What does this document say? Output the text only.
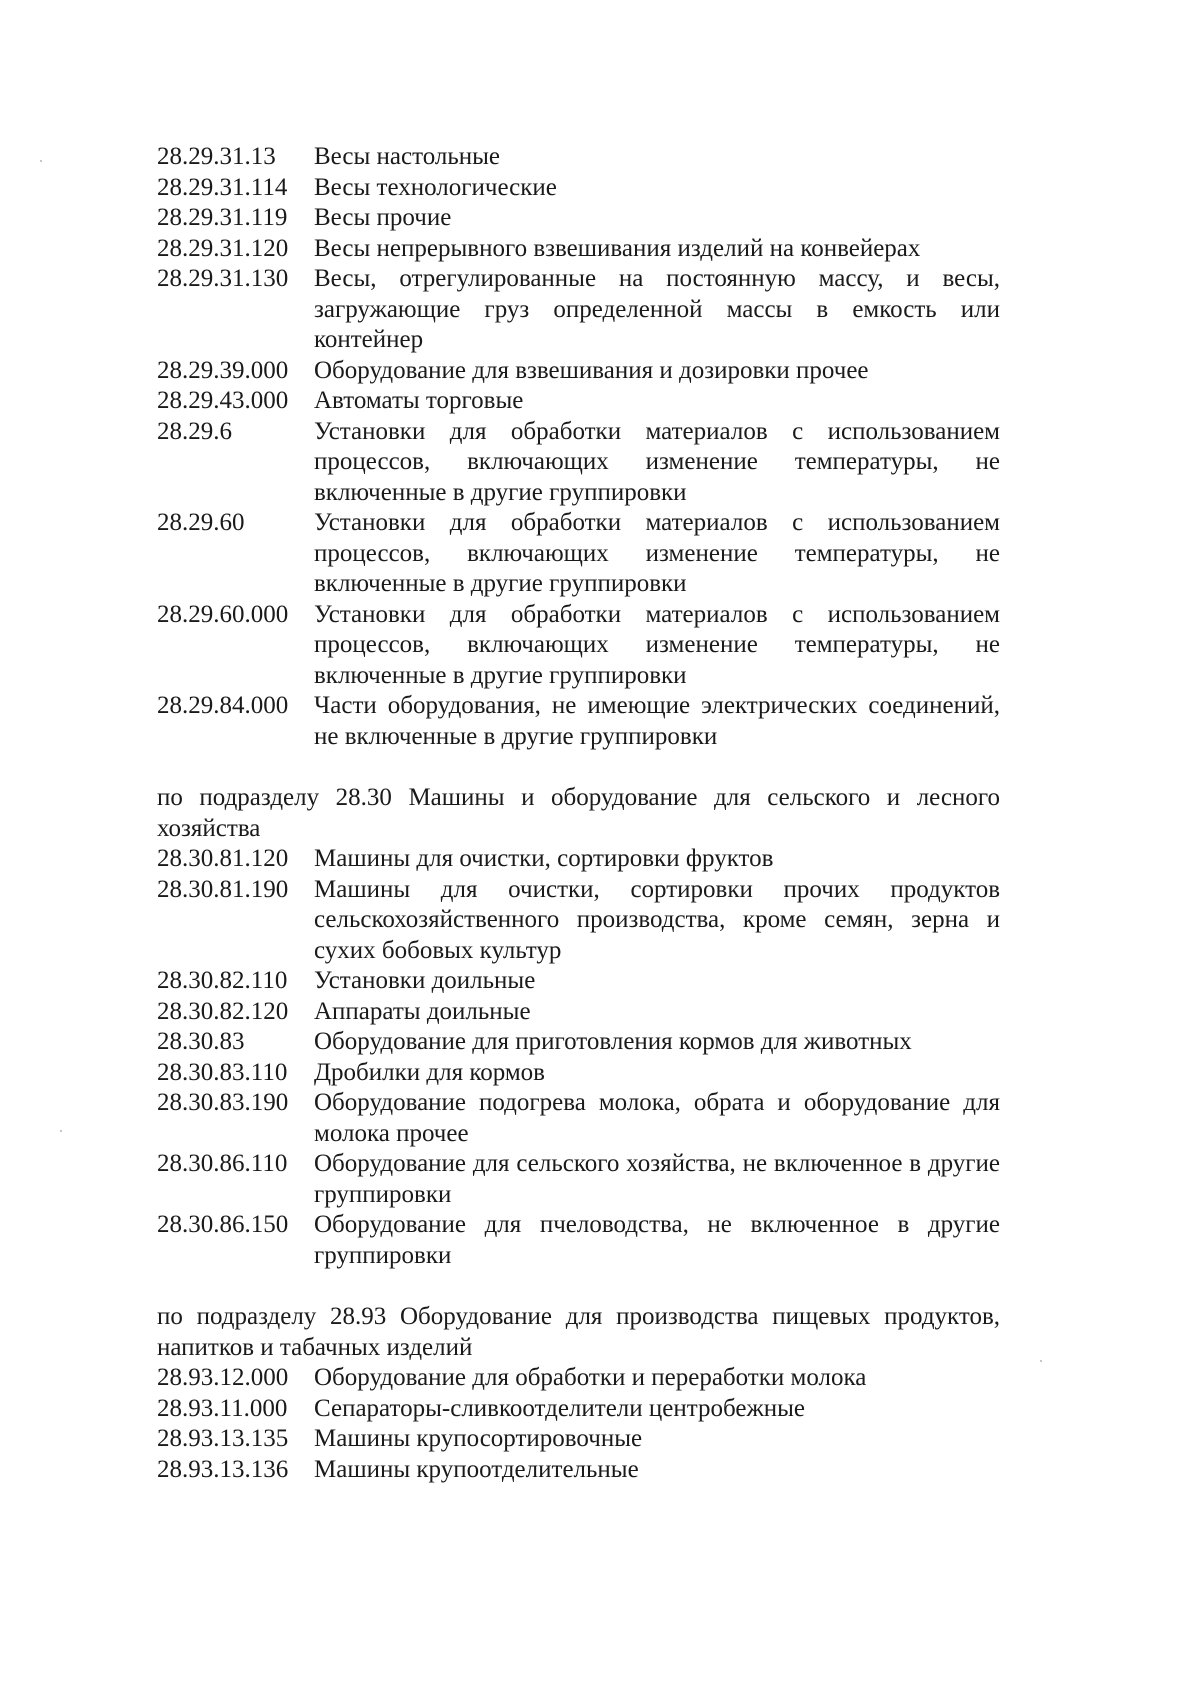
28.29.31.13	Весы настольные
28.29.31.114	Весы технологические
28.29.31.119	Весы прочие
28.29.31.120	Весы непрерывного взвешивания изделий на конвейерах
28.29.31.130	Весы, отрегулированные на постоянную массу, и весы, загружающие груз определенной массы в емкость или контейнер
28.29.39.000	Оборудование для взвешивания и дозировки прочее
28.29.43.000	Автоматы торговые
28.29.6	Установки для обработки материалов с использованием процессов, включающих изменение температуры, не включенные в другие группировки
28.29.60	Установки для обработки материалов с использованием процессов, включающих изменение температуры, не включенные в другие группировки
28.29.60.000	Установки для обработки материалов с использованием процессов, включающих изменение температуры, не включенные в другие группировки
28.29.84.000	Части оборудования, не имеющие электрических соединений, не включенные в другие группировки
по подразделу 28.30 Машины и оборудование для сельского и лесного хозяйства
28.30.81.120	Машины для очистки, сортировки фруктов
28.30.81.190	Машины для очистки, сортировки прочих продуктов сельскохозяйственного производства, кроме семян, зерна и сухих бобовых культур
28.30.82.110	Установки доильные
28.30.82.120	Аппараты доильные
28.30.83	Оборудование для приготовления кормов для животных
28.30.83.110	Дробилки для кормов
28.30.83.190	Оборудование подогрева молока, обрата и оборудование для молока прочее
28.30.86.110	Оборудование для сельского хозяйства, не включенное в другие группировки
28.30.86.150	Оборудование для пчеловодства, не включенное в другие группировки
по подразделу 28.93 Оборудование для производства пищевых продуктов, напитков и табачных изделий
28.93.12.000	Оборудование для обработки и переработки молока
28.93.11.000	Сепараторы-сливкоотделители центробежные
28.93.13.135	Машины крупосортировочные
28.93.13.136	Машины крупоотделительные
